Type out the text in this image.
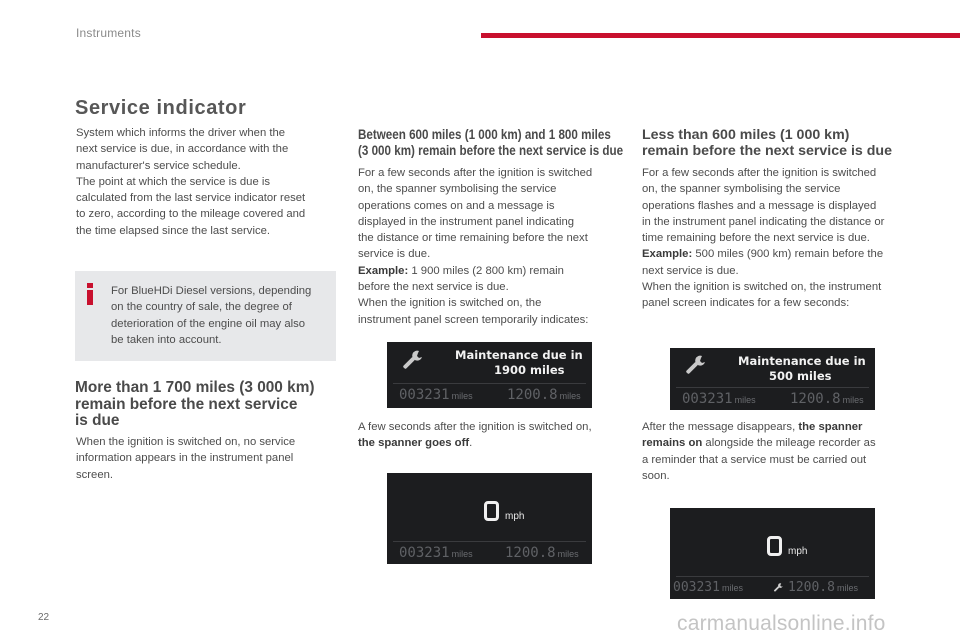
Instruments
Service indicator
System which informs the driver when the
next service is due, in accordance with the
manufacturer's service schedule.
The point at which the service is due is
calculated from the last service indicator reset
to zero, according to the mileage covered and
the time elapsed since the last service.
For BlueHDi Diesel versions, depending
on the country of sale, the degree of
deterioration of the engine oil may also
be taken into account.
More than 1 700 miles (3 000 km)
remain before the next service
is due
When the ignition is switched on, no service
information appears in the instrument panel
screen.
Between 600 miles (1 000 km) and 1 800 miles
(3 000 km) remain before the next service is due
For a few seconds after the ignition is switched
on, the spanner symbolising the service
operations comes on and a message is
displayed in the instrument panel indicating
the distance or time remaining before the next
service is due.
Example: 1 900 miles (2 800 km) remain
before the next service is due.
When the ignition is switched on, the
instrument panel screen temporarily indicates:
Maintenance due in
1900 miles
003231 miles 1200.8 miles
A few seconds after the ignition is switched on,
the spanner goes off.
mph
003231 miles 1200.8 miles
Less than 600 miles (1 000 km)
remain before the next service is due
For a few seconds after the ignition is switched
on, the spanner symbolising the service
operations flashes and a message is displayed
in the instrument panel indicating the distance or
time remaining before the next service is due.
Example: 500 miles (900 km) remain before the
next service is due.
When the ignition is switched on, the instrument
panel screen indicates for a few seconds:
Maintenance due in
500 miles
003231 miles 1200.8 miles
After the message disappears, the spanner
remains on alongside the mileage recorder as
a reminder that a service must be carried out
soon.
mph
003231 miles	1200.8 miles
22	carmanualsonline.info
